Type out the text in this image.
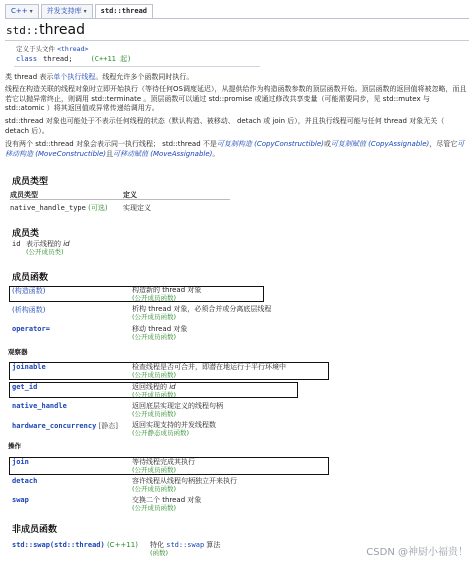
C++ ▾	并发支持库 ▾	std::thread
std::thread
定义于头文件 <thread>
class thread;	(C++11 起)
类 thread 表示单个执行线程。线程允许多个函数同时执行。
线程在构造关联的线程对象时立即开始执行（等待任何OS调度延迟），从提供给作为构造函数参数的顶层函数开始。顶层函数的返回值将被忽略，而且若它以抛异常终止，则调用 std::terminate 。顶层函数可以通过 std::promise 或通过修改共享变量（可能需要同步，见 std::mutex 与 std::atomic ）将其返回值或异常传递给调用方。
std::thread 对象也可能处于不表示任何线程的状态（默认构造、被移动、 detach 或 join 后），并且执行线程可能与任何 thread 对象无关（ detach 后）。
没有两个 std::thread 对象会表示同一执行线程； std::thread 不是可复制构造 (CopyConstructible)或可复制赋值 (CopyAssignable)，尽管它可移动构造 (MoveConstructible)且可移动赋值 (MoveAssignable)。
成员类型
成员类型	定义
native_handle_type (可选) 实现定义
成员类
id 表示线程的 id
(公开成员类)
成员函数
(构造函数)	构造新的 thread 对象
(公开成员函数)
(析构函数)	析构 thread 对象，必须合并或分离底层线程
(公开成员函数)
operator=	移动 thread 对象
(公开成员函数)
观察器
joinable	检查线程是否可合并，即潜在地运行于平行环境中
(公开成员函数)
get_id	返回线程的 id
(公开成员函数)
native_handle	返回底层实现定义的线程句柄
(公开成员函数)
hardware_concurrency [静态] 返回实现支持的并发线程数
(公开静态成员函数)
操作
join	等待线程完成其执行
(公开成员函数)
detach	容许线程从线程句柄独立开来执行
(公开成员函数)
swap	交换二个 thread 对象
(公开成员函数)
非成员函数
std::swap(std::thread) (C++11) 特化 std::swap 算法
(函数)	CSDN @神厨小福贵！
